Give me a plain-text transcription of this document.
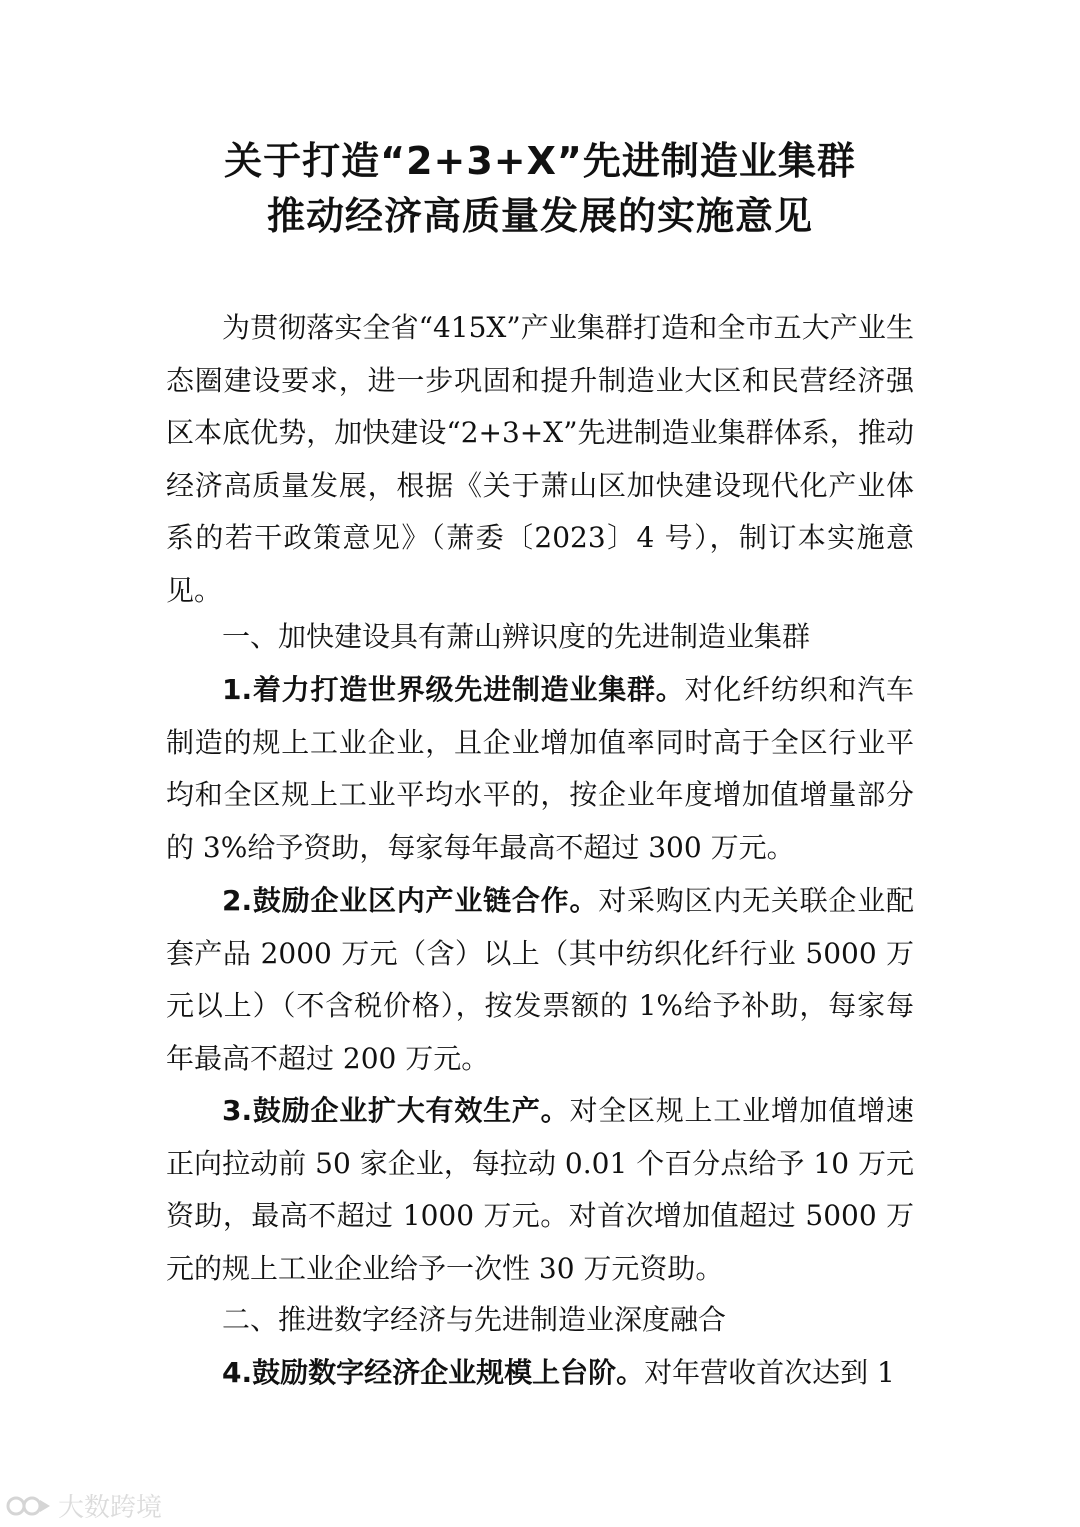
关于打造“2+3+X”先进制造业集群
推动经济高质量发展的实施意见

为贯彻落实全省“415X”产业集群打造和全市五大产业生态圈建设要求，进一步巩固和提升制造业大区和民营经济强区本底优势，加快建设“2+3+X”先进制造业集群体系，推动经济高质量发展，根据《关于萧山区加快建设现代化产业体系的若干政策意见》（萧委〔2023〕4 号），制订本实施意见。

一、加快建设具有萧山辨识度的先进制造业集群

1.着力打造世界级先进制造业集群。对化纤纺织和汽车制造的规上工业企业，且企业增加值率同时高于全区行业平均和全区规上工业平均水平的，按企业年度增加值增量部分的 3%给予资助，每家每年最高不超过 300 万元。

2.鼓励企业区内产业链合作。对采购区内无关联企业配套产品 2000 万元（含）以上（其中纺织化纤行业 5000 万元以上）（不含税价格），按发票额的 1%给予补助，每家每年最高不超过 200 万元。

3.鼓励企业扩大有效生产。对全区规上工业增加值增速正向拉动前 50 家企业，每拉动 0.01 个百分点给予 10 万元资助，最高不超过 1000 万元。对首次增加值超过 5000 万元的规上工业企业给予一次性 30 万元资助。

二、推进数字经济与先进制造业深度融合

4.鼓励数字经济企业规模上台阶。对年营收首次达到 1

大数跨境
